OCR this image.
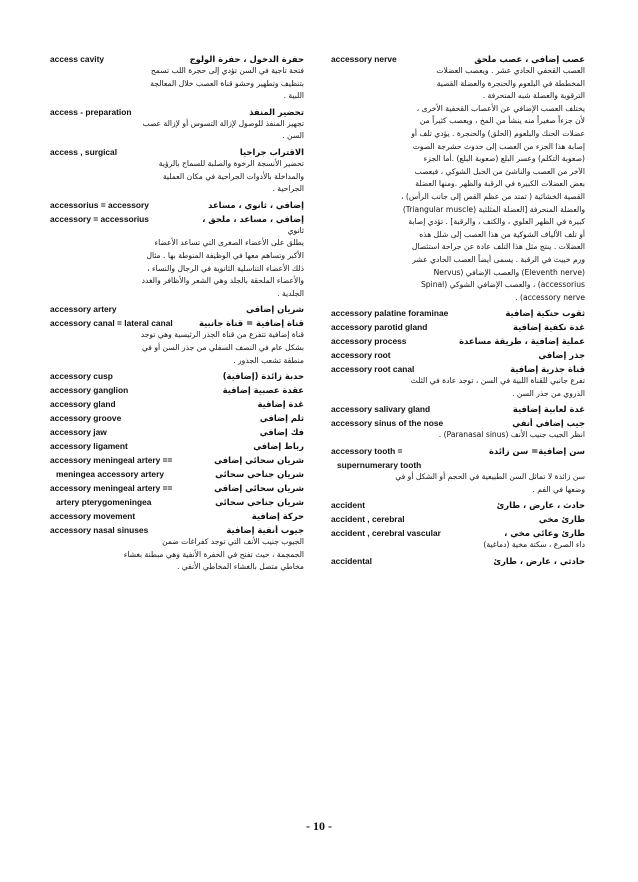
access cavity	حفرة الدخول ، حفرة الولوج
فتحة تاجية في السن تؤدي إلى حجرة اللب تسمح
بتنظيف وتطهير وحشو قناة العصب خلال المعالجة
اللبية .
access - preparation	تحضير المنفذ
تجهيز المنفذ للوصول لإزالة التسوس أو لإزالة عصب
السن .
access , surgical	الاقتراب جراحيا
تحضير الأنسجة الرخوة والصلبة للسماح بالرؤية
والمداخلة بالأدوات الجراحية في مكان العملية
الجراحية .
accessorius = accessory	إضافي ، ثانوي ، مساعد
accessory = accessorius	إضافي ، مساعد ، ملحق ،
ثانوي
يطلق على الأعضاء الصغرى التي تساعد الأعضاء
الأكبر وتساهم معها في الوظيفة المنوطة بها . مثال
ذلك الأعضاء التناسلية الثانوية في الرجال والنساء ،
والأعضاء الملحقة بالجلد وهي الشعر والأظافر والغدد
الجلدية .
accessory artery	شريان إضافي
accessory canal = lateral canal	قناة إضافية = قناة جانبية
قناة إضافية تتفرع من قناة الجذر الرئيسية وهي توجد
بشكل عام في النصف السفلي من جذر السن أو في
منطقة تشعب الجذور .
accessory cusp	حدبة زائدة (إضافية)
accessory ganglion	عقدة عصبية إضافية
accessory gland	غدة إضافية
accessory groove	ثلم إضافي
accessory jaw	فك إضافي
accessory ligament	رباط إضافي
accessory meningeal artery ==	شريان سحائي إضافي
meningea accessory artery	شريان جناحي سحائي
accessory meningeal artery ==	شريان سحائي إضافي
artery pterygomeningea	شريان جناحي سحائي
accessory movement	حركة إضافية
accessory nasal sinuses	جيوب أنفية إضافية
الجيوب جنيب الأنف التي توجد كفراغات ضمن
الجمجمة ، حيث تفتح في الحفرة الأنفية وهي مبطنة بغشاء
مخاطي متصل بالغشاء المخاطي الأنفي .
accessory nerve	عصب إضافي ، عصب ملحق
العصب القحفي الحادي عشر . ويعصب العضلات
المخططة في البلعوم والحنجرة والعضلة القصية
الترقوية والعضلة شبه المنحرفة .
يختلف العصب الإضافي عن الأعصاب القحفية الأخرى ،
لأن جزءاً صغيراً منه ينشأ من المخ ، ويعصب كثيراً من
عضلات الحنك والبلعوم (الحلق) والحنجرة . يؤدي تلف أو
إصابة هذا الجزء من العصب إلى حدوث حشرجة الصوت
(صعوبة التكلم) وعسر البلع (صعوبة البلع) .أما الجزء
الآخر من العصب والناشئ من الحبل الشوكي ، فيعصب
بعض العضلات الكبيرة في الرقبة والظهر .ومنها العضلة
القصية الخشائية ( تمتد من عظم القص إلى جانب الرأس) ،
والعضلة المنحرفة [العضلة المثلثية (Triangular muscle)
كبيرة في الظهر العلوي ، والكتف ، والرقبة] . تؤدي إصابة
أو تلف الألياف الشوكية من هذا العصب إلى شلل هذه
العضلات . ينتج مثل هذا التلف عادة عن جراحة استئصال
ورم خبيث في الرقبة . يسمى أيضاً العصب الحادي عشر
(Eleventh nerve) والعصب الإضافي (Nervus
accessorius) ، والعصب الإضافي الشوكي (Spinal
accessory nerve) .
accessory palatine foraminae	ثقوب حنكية إضافية
accessory parotid gland	غدة نكفية إضافية
accessory process	عملية إضافية ، طريقة مساعدة
accessory root	جذر إضافي
accessory root canal	قناة جذرية إضافية
تفرع جانبي للقناة اللبية في السن ، توجد عادة في الثلث
الذروي من جذر السن .
accessory salivary gland	غدة لعابية إضافية
accessory sinus of the nose	جيب إضافي أنفي
انظر الجيب جنيب الأنف (Paranasal sinus) .
accessory tooth =	سن إضافية= سن زائدة
supernumerary tooth
سن زائدة لا تماثل السن الطبيعية في الحجم أو الشكل أو في
وضعها في الفم .
accident	حادث ، عارض ، طارئ
accident , cerebral	طارئ مخي
accident , cerebral vascular	طارئ وعائي مخي ،
داء الصرع ، سكتة مخية (دماغية)
accidental	حادثي ، عارض ، طارئ
- 10 -
